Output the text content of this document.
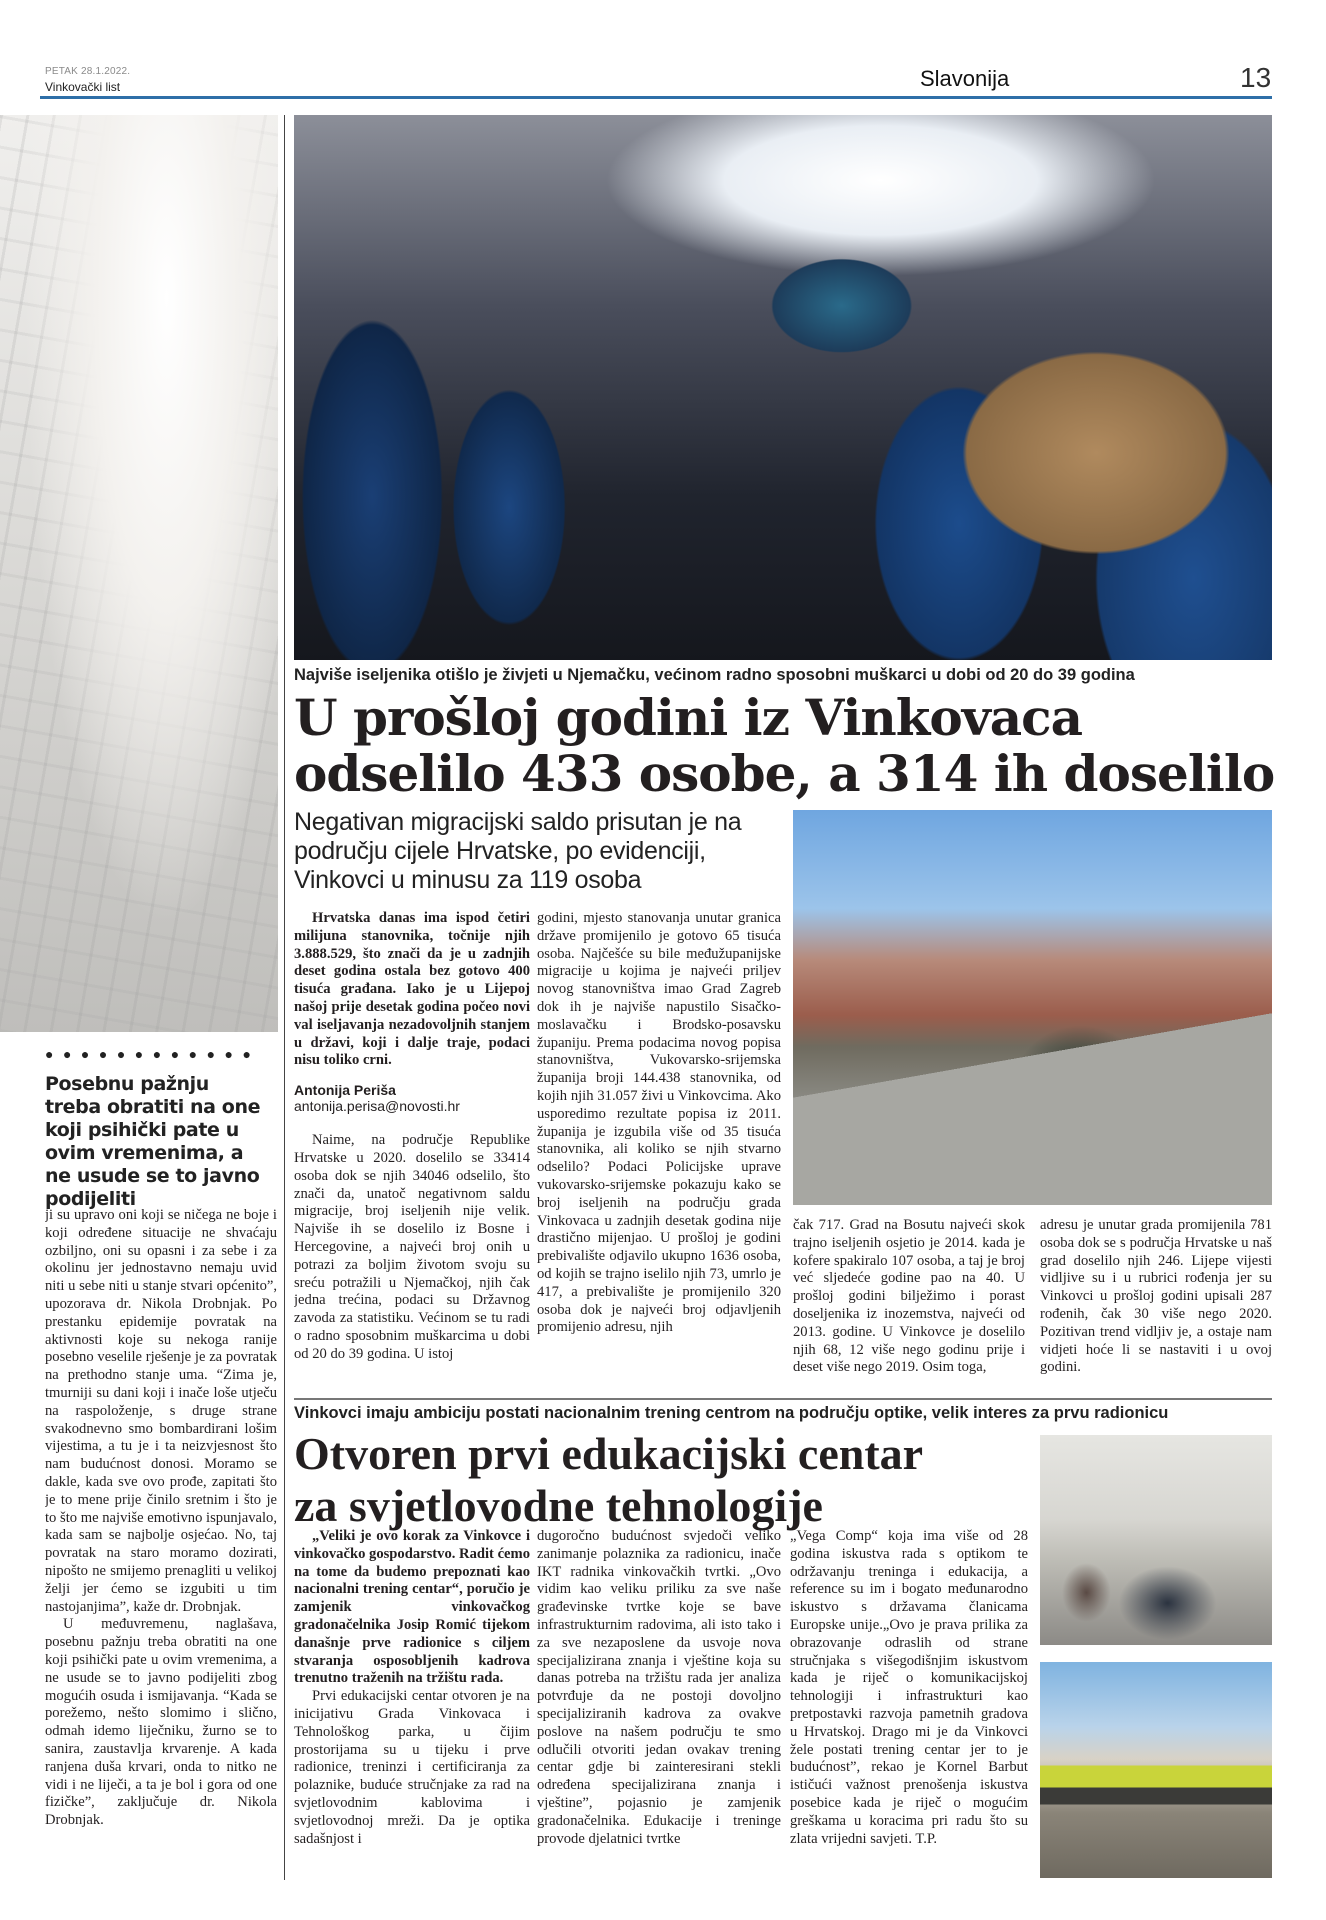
PETAK 28.1.2022.
Vinkovački list	Slavonija	13
●●●●●●●●●●●●
Posebnu pažnju treba obratiti na one koji psihički pate u ovim vremenima, a ne usude se to javno podijeliti

ji su upravo oni koji se ničega ne boje i koji određene situacije ne shvaćaju ozbiljno, oni su opasni i za sebe i za okolinu jer jednostavno nemaju uvid niti u sebe niti u stanje stvari općenito”, upozorava dr. Nikola Drobnjak. Po prestanku epidemije povratak na aktivnosti koje su nekoga ranije posebno veselile rješenje je za povratak na prethodno stanje uma. “Zima je, tmurniji su dani koji i inače loše utječu na raspoloženje, s druge strane svakodnevno smo bombardirani lošim vijestima, a tu je i ta neizvjesnost što nam budućnost donosi. Moramo se dakle, kada sve ovo prođe, zapitati što je to mene prije činilo sretnim i što je to što me najviše emotivno ispunjavalo, kada sam se najbolje osjećao. No, taj povratak na staro moramo dozirati, nipošto ne smijemo prenagliti u velikoj želji jer ćemo se izgubiti u tim nastojanjima”, kaže dr. Drobnjak.

U međuvremenu, naglašava, posebnu pažnju treba obratiti na one koji psihički pate u ovim vremenima, a ne usude se to javno podijeliti zbog mogućih osuda i ismijavanja. “Kada se porežemo, nešto slomimo i slično, odmah idemo liječniku, žurno se to sanira, zaustavlja krvarenje. A kada ranjena duša krvari, onda to nitko ne vidi i ne liječi, a ta je bol i gora od one fizičke”, zaključuje dr. Nikola Drobnjak.

Najviše iseljenika otišlo je živjeti u Njemačku, većinom radno sposobni muškarci u dobi od 20 do 39 godina
U prošloj godini iz Vinkovaca
odselilo 433 osobe, a 314 ih doselilo
Negativan migracijski saldo prisutan je na području cijele Hrvatske, po evidenciji, Vinkovci u minusu za 119 osoba

Hrvatska danas ima ispod četiri milijuna stanovnika, točnije njih 3.888.529, što znači da je u zadnjih deset godina ostala bez gotovo 400 tisuća građana. Iako je u Lijepoj našoj prije desetak godina počeo novi val iseljavanja nezadovoljnih stanjem u državi, koji i dalje traje, podaci nisu toliko crni.

Antonija Periša
antonija.perisa@novosti.hr

Naime, na područje Republike Hrvatske u 2020. doselilo se 33414 osoba dok se njih 34046 odselilo, što znači da, unatoč negativnom saldu migracije, broj iseljenih nije velik. Najviše ih se doselilo iz Bosne i Hercegovine, a najveći broj onih u potrazi za boljim životom svoju su sreću potražili u Njemačkoj, njih čak jedna trećina, podaci su Državnog zavoda za statistiku. Većinom se tu radi o radno sposobnim muškarcima u dobi od 20 do 39 godina. U istoj

godini, mjesto stanovanja unutar granica države promijenilo je gotovo 65 tisuća osoba. Najčešće su bile međužupanijske migracije u kojima je najveći priljev novog stanovništva imao Grad Zagreb dok ih je najviše napustilo Sisačko-moslavačku i Brodsko-posavsku županiju. Prema podacima novog popisa stanovništva, Vukovarsko-srijemska županija broji 144.438 stanovnika, od kojih njih 31.057 živi u Vinkovcima. Ako usporedimo rezultate popisa iz 2011. županija je izgubila više od 35 tisuća stanovnika, ali koliko se njih stvarno odselilo? Podaci Policijske uprave vukovarsko-srijemske pokazuju kako se broj iseljenih na području grada Vinkovaca u zadnjih desetak godina nije drastično mijenjao. U prošloj je godini prebivalište odjavilo ukupno 1636 osoba, od kojih se trajno iselilo njih 73, umrlo je 417, a prebivalište je promijenilo 320 osoba dok je najveći broj odjavljenih promijenio adresu, njih

čak 717. Grad na Bosutu najveći skok trajno iseljenih osjetio je 2014. kada je kofere spakiralo 107 osoba, a taj je broj već sljedeće godine pao na 40. U prošloj godini bilježimo i porast doseljenika iz inozemstva, najveći od 2013. godine. U Vinkovce je doselilo njih 68, 12 više nego godinu prije i deset više nego 2019. Osim toga,

adresu je unutar grada promijenila 781 osoba dok se s područja Hrvatske u naš grad doselilo njih 246. Lijepe vijesti vidljive su i u rubrici rođenja jer su Vinkovci u prošloj godini upisali 287 rođenih, čak 30 više nego 2020. Pozitivan trend vidljiv je, a ostaje nam vidjeti hoće li se nastaviti i u ovoj godini.

Vinkovci imaju ambiciju postati nacionalnim trening centrom na području optike, velik interes za prvu radionicu
Otvoren prvi edukacijski centar
za svjetlovodne tehnologije

„Veliki je ovo korak za Vinkovce i vinkovačko gospodarstvo. Radit ćemo na tome da budemo prepoznati kao nacionalni trening centar“, poručio je zamjenik vinkovačkog gradonačelnika Josip Romić tijekom današnje prve radionice s ciljem stvaranja osposobljenih kadrova trenutno traženih na tržištu rada.

Prvi edukacijski centar otvoren je na inicijativu Grada Vinkovaca i Tehnološkog parka, u čijim prostorijama su u tijeku i prve radionice, treninzi i certificiranja za polaznike, buduće stručnjake za rad na svjetlovodnim kablovima i svjetlovodnoj mreži. Da je optika sadašnjost i

dugoročno budućnost svjedoči veliko zanimanje polaznika za radionicu, inače IKT radnika vinkovačkih tvrtki. „Ovo vidim kao veliku priliku za sve naše građevinske tvrtke koje se bave infrastrukturnim radovima, ali isto tako i za sve nezaposlene da usvoje nova specijalizirana znanja i vještine koja su danas potreba na tržištu rada jer analiza potvrđuje da ne postoji dovoljno specijaliziranih kadrova za ovakve poslove na našem području te smo odlučili otvoriti jedan ovakav trening centar gdje bi zainteresirani stekli određena specijalizirana znanja i vještine”, pojasnio je zamjenik gradonačelnika. Edukacije i treninge provode djelatnici tvrtke

„Vega Comp“ koja ima više od 28 godina iskustva rada s optikom te održavanju treninga i edukacija, a reference su im i bogato međunarodno iskustvo s državama članicama Europske unije.„Ovo je prava prilika za obrazovanje odraslih od strane stručnjaka s višegodišnjim iskustvom kada je riječ o komunikacijskoj tehnologiji i infrastrukturi kao pretpostavki razvoja pametnih gradova u Hrvatskoj. Drago mi je da Vinkovci žele postati trening centar jer to je budućnost”, rekao je Kornel Barbut ističući važnost prenošenja iskustva posebice kada je riječ o mogućim greškama u koracima pri radu što su zlata vrijedni savjeti. T.P.
